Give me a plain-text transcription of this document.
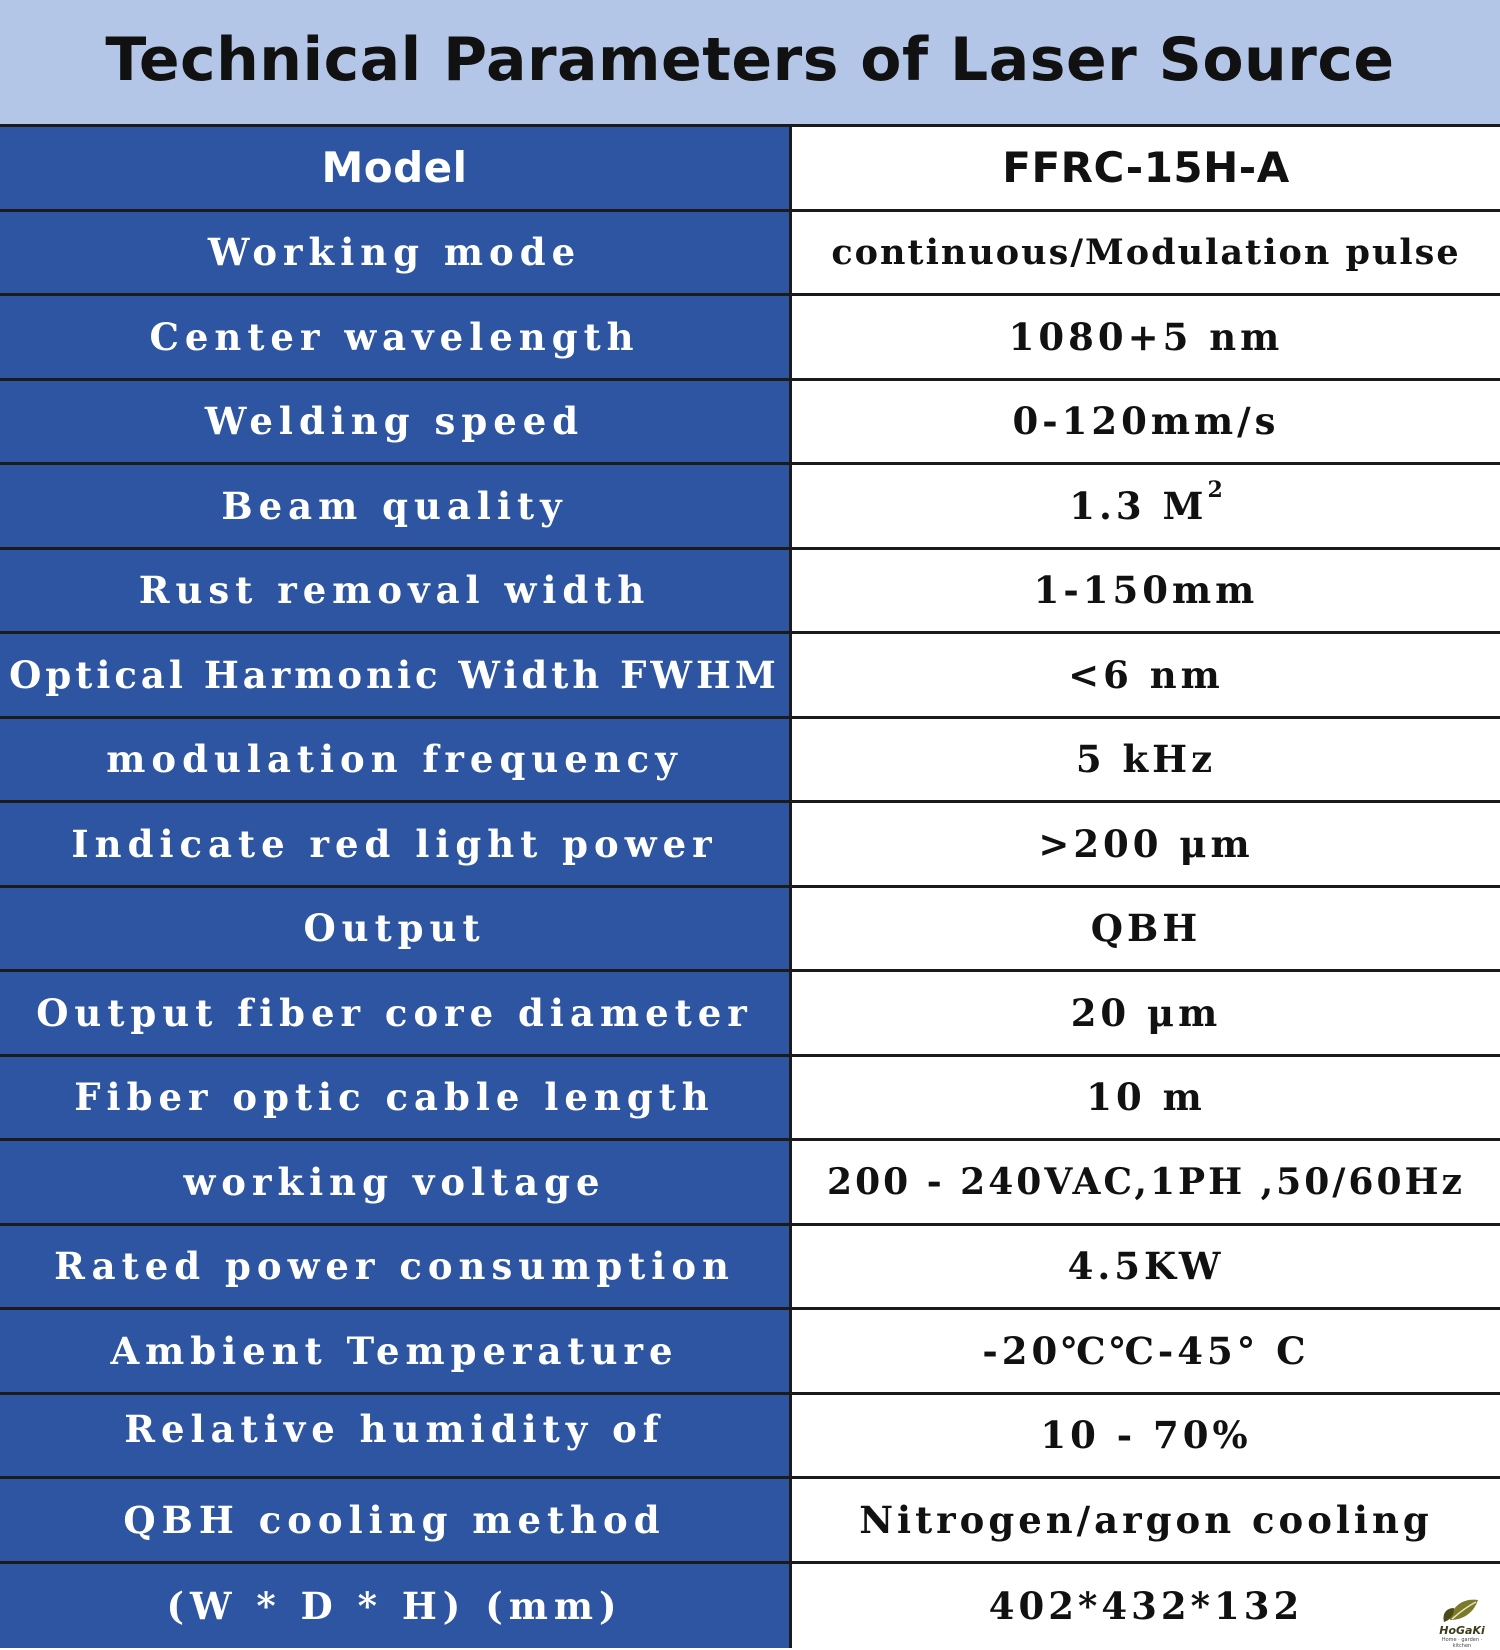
Technical Parameters of Laser Source
Model	FFRC-15H-A
Working mode	continuous/Modulation pulse
Center wavelength	1080+5 nm
Welding speed	0-120mm/s
Beam quality	1.3 M 2
Rust removal width	1-150mm
Optical Harmonic Width FWHM	<6 nm
modulation frequency	5 kHz
Indicate red light power	>200 μm
Output	QBH
Output fiber core diameter	20 μm
Fiber optic cable length	10 m
working voltage	200 - 240VAC,1PH ,50/60Hz
Rated power consumption	4.5KW
Ambient Temperature	-20℃℃-45° C
Relative humidity of	10 - 70%
QBH cooling method	Nitrogen/argon cooling
(W * D * H) (mm)	402*432*132
HoGaKi
Home · garden · kitchen
